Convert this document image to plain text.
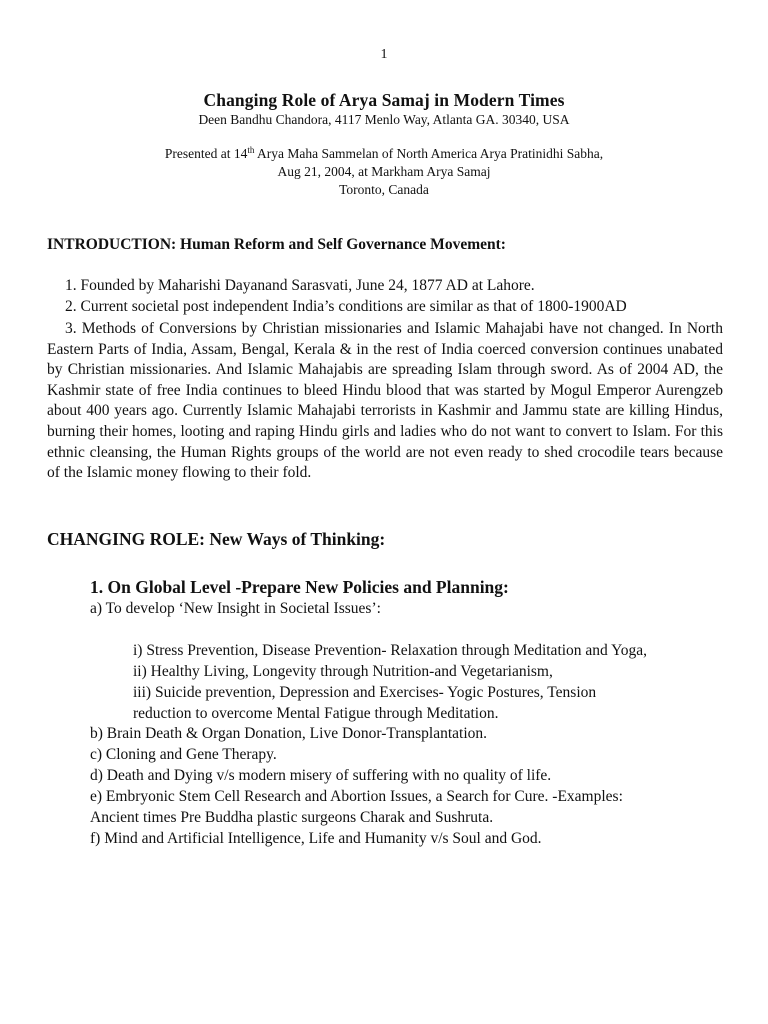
1

Changing Role of Arya Samaj in Modern Times

Deen Bandhu Chandora, 4117 Menlo Way, Atlanta GA. 30340, USA

Presented at 14th Arya Maha Sammelan of North America Arya Pratinidhi Sabha,

Aug 21, 2004, at Markham Arya Samaj

Toronto, Canada

INTRODUCTION: Human Reform and Self Governance Movement:

1. Founded by Maharishi Dayanand Sarasvati, June 24, 1877 AD at Lahore.

2. Current societal post independent India’s conditions are similar as that of 1800-1900AD

3. Methods of Conversions by Christian missionaries and Islamic Mahajabi have not changed. In North Eastern Parts of India, Assam, Bengal, Kerala & in the rest of India coerced conversion continues unabated by Christian missionaries. And Islamic Mahajabis are spreading Islam through sword. As of 2004 AD, the Kashmir state of free India continues to bleed Hindu blood that was started by Mogul Emperor Aurengzeb about 400 years ago. Currently Islamic Mahajabi terrorists in Kashmir and Jammu state are killing Hindus, burning their homes, looting and raping Hindu girls and ladies who do not want to convert to Islam. For this ethnic cleansing, the Human Rights groups of the world are not even ready to shed crocodile tears because of the Islamic money flowing to their fold.

CHANGING ROLE: New Ways of Thinking:

1. On Global Level -Prepare New Policies and Planning:

a) To develop ‘New Insight in Societal Issues’:

i) Stress Prevention, Disease Prevention- Relaxation through Meditation and Yoga,

ii) Healthy Living, Longevity through Nutrition-and Vegetarianism,

iii) Suicide prevention, Depression and Exercises- Yogic Postures, Tension

reduction to overcome Mental Fatigue through Meditation.

b) Brain Death & Organ Donation, Live Donor-Transplantation.

c) Cloning and Gene Therapy.

d) Death and Dying v/s modern misery of suffering with no quality of life.

e) Embryonic Stem Cell Research and Abortion Issues, a Search for Cure. -Examples:

Ancient times Pre Buddha plastic surgeons Charak and Sushruta.

f) Mind and Artificial Intelligence, Life and Humanity v/s Soul and God.
